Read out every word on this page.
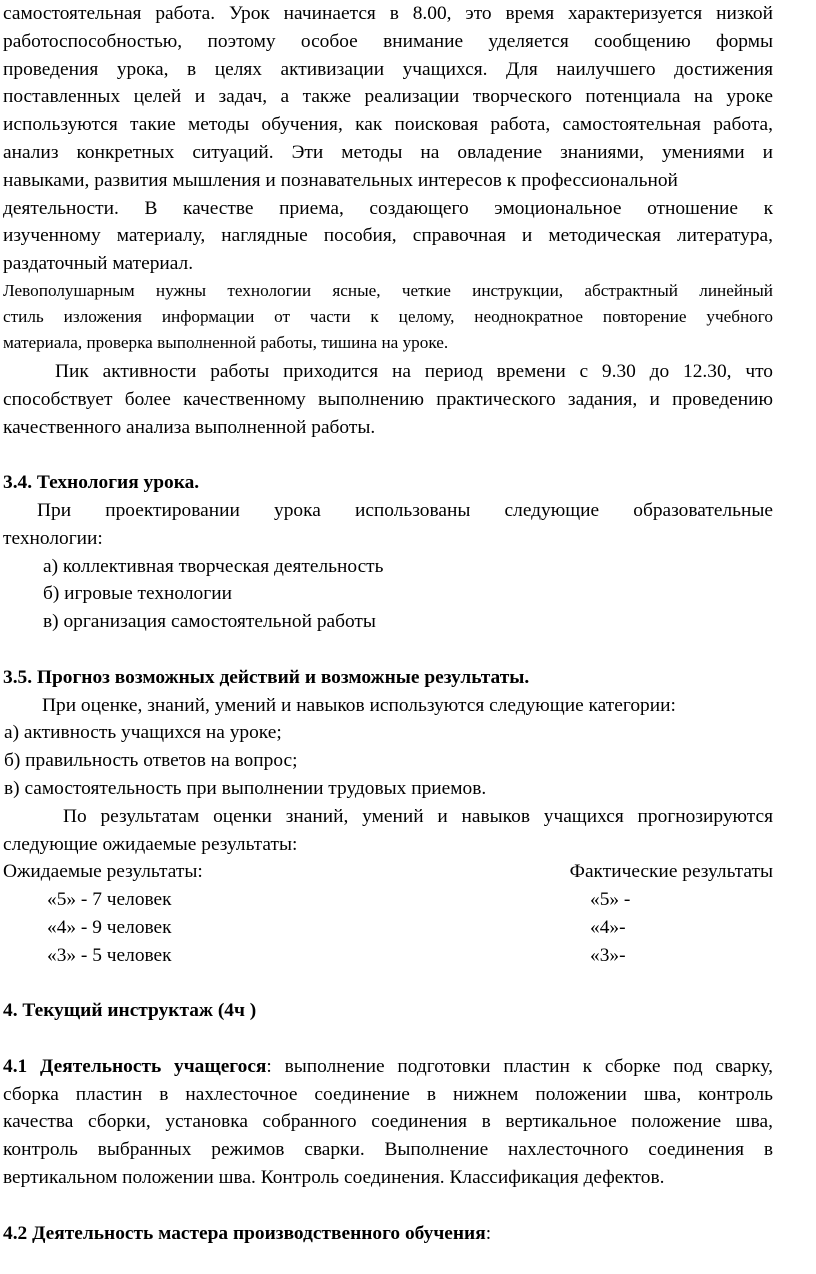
самостоятельная работа. Урок начинается в 8.00, это время характеризуется низкой
работоспособностью, поэтому особое внимание уделяется сообщению формы
проведения урока, в целях активизации учащихся. Для наилучшего достижения
поставленных целей и задач, а также реализации творческого потенциала на уроке
используются такие методы обучения, как поисковая работа, самостоятельная работа,
анализ конкретных ситуаций. Эти методы на овладение знаниями, умениями и
навыками, развития мышления и познавательных интересов к профессиональной
деятельности. В качестве приема, создающего эмоциональное отношение к
изученному материалу, наглядные пособия, справочная и методическая литература,
раздаточный материал.
Левополушарным нужны технологии ясные, четкие инструкции, абстрактный линейный
стиль изложения информации от части к целому, неоднократное повторение учебного
материала, проверка выполненной работы, тишина на уроке.
Пик активности работы приходится на период времени с 9.30 до 12.30, что
способствует более качественному выполнению практического задания, и проведению
качественного анализа выполненной работы.

3.4. Технология урока.

При проектировании урока использованы следующие образовательные
технологии:

а) коллективная творческая деятельность

б) игровые технологии

в) организация самостоятельной работы

3.5. Прогноз возможных действий и возможные результаты.

При оценке, знаний, умений и навыков используются следующие категории:

а) активность учащихся на уроке;

б) правильность ответов на вопрос;

в) самостоятельность при выполнении трудовых приемов.

По результатам оценки знаний, умений и навыков учащихся прогнозируются
следующие ожидаемые результаты:
Ожидаемые результаты:	Фактические результаты
«5» - 7 человек	«5» -
«4» - 9 человек	«4»-
«3» - 5 человек	«3»-

4. Текущий инструктаж (4ч )

4.1 Деятельность учащегося: выполнение подготовки пластин к сборке под сварку,
сборка пластин в нахлесточное соединение в нижнем положении шва, контроль
качества сборки, установка собранного соединения в вертикальное положение шва,
контроль выбранных режимов сварки. Выполнение нахлесточного соединения в
вертикальном положении шва. Контроль соединения. Классификация дефектов.

4.2 Деятельность мастера производственного обучения:
